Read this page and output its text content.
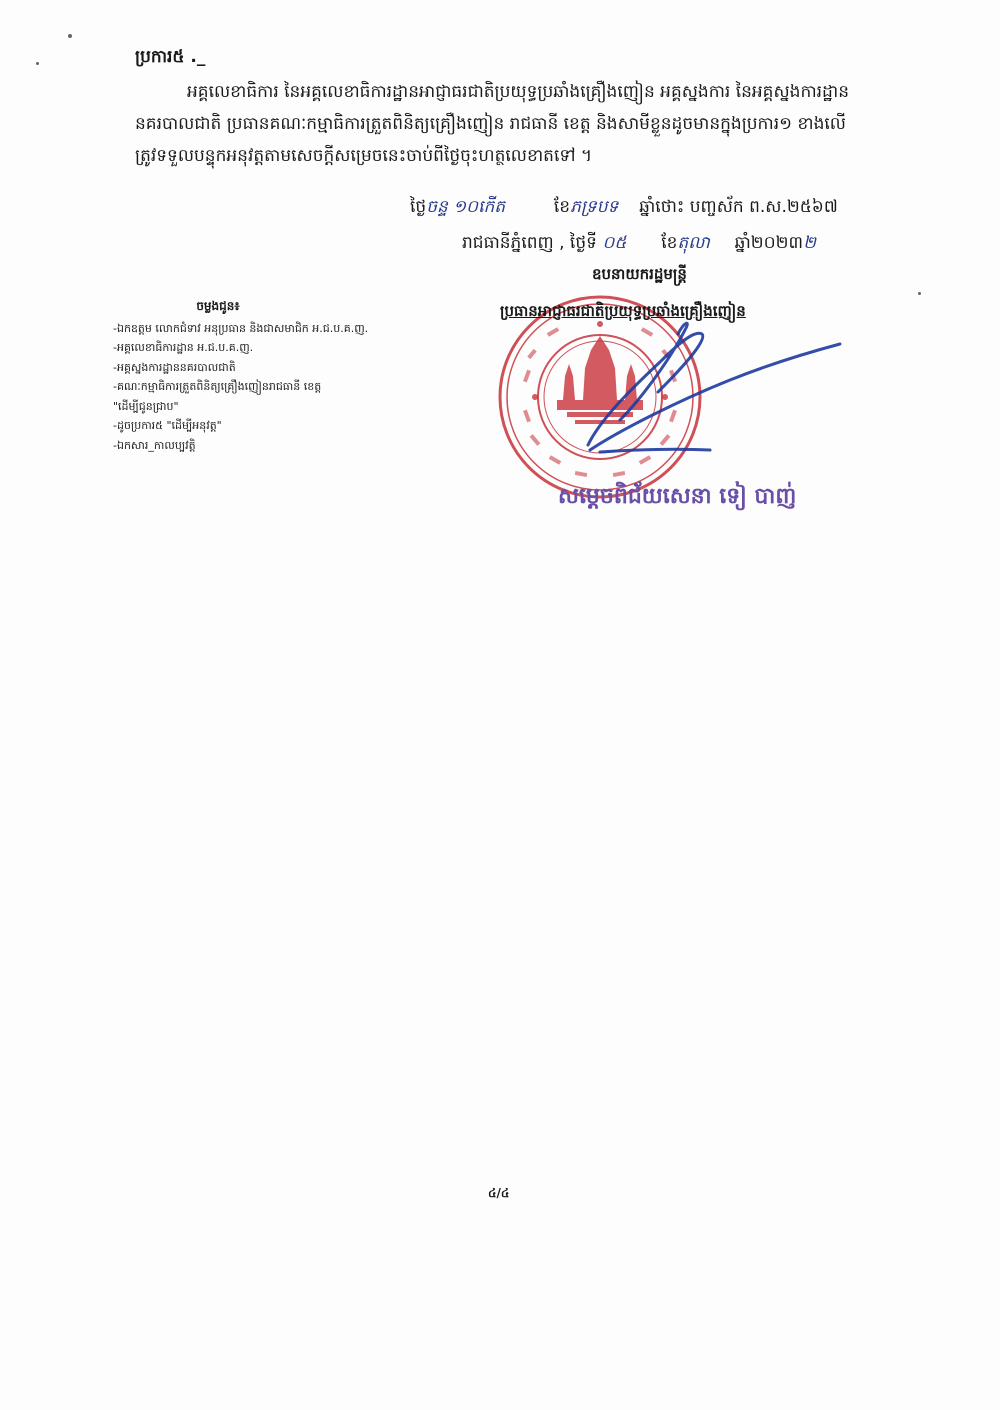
ប្រការ៥ ._
អគ្គលេខាធិការ នៃអគ្គលេខាធិការដ្ឋានអាជ្ញាធរជាតិប្រយុទ្ធប្រឆាំងគ្រឿងញៀន អគ្គស្នងការ នៃអគ្គស្នងការដ្ឋាន
នគរបាលជាតិ ប្រធានគណៈកម្មាធិការត្រួតពិនិត្យគ្រឿងញៀន រាជធានី ខេត្ត និងសាមីខ្លួនដូចមានក្នុងប្រការ១ ខាងលើ
ត្រូវទទួលបន្ទុកអនុវត្តតាមសេចក្តីសម្រេចនេះចាប់ពីថ្ងៃចុះហត្ថលេខាតទៅ ។
ថ្ងៃចន្ទ ១០កើត	ខែភទ្របទ ឆ្នាំថោះ បញ្ចស័ក ព.ស.២៥៦៧
រាជធានីភ្នំពេញ , ថ្ងៃទី ០៥ ខែតុលា ឆ្នាំ២០២៣២
ឧបនាយករដ្ឋមន្ត្រី
ប្រធានអាជ្ញាធរជាតិប្រយុទ្ធប្រឆាំងគ្រឿងញៀន
សម្តេចពិជ័យសេនា ទៀ បាញ់
ចម្លងជូន៖
-ឯកឧត្តម លោកជំទាវ អនុប្រធាន និងជាសមាជិក អ.ជ.ប.គ.ញ.
-អគ្គលេខាធិការដ្ឋាន អ.ជ.ប.គ.ញ.
-អគ្គស្នងការដ្ឋាននគរបាលជាតិ
-គណៈកម្មាធិការត្រួតពិនិត្យគ្រឿងញៀនរាជធានី ខេត្ត
"ដើម្បីជូនជ្រាប"
-ដូចប្រការ៥ "ដើម្បីអនុវត្ត"
-ឯកសារ_កាលប្បវត្តិ
៤/៤
